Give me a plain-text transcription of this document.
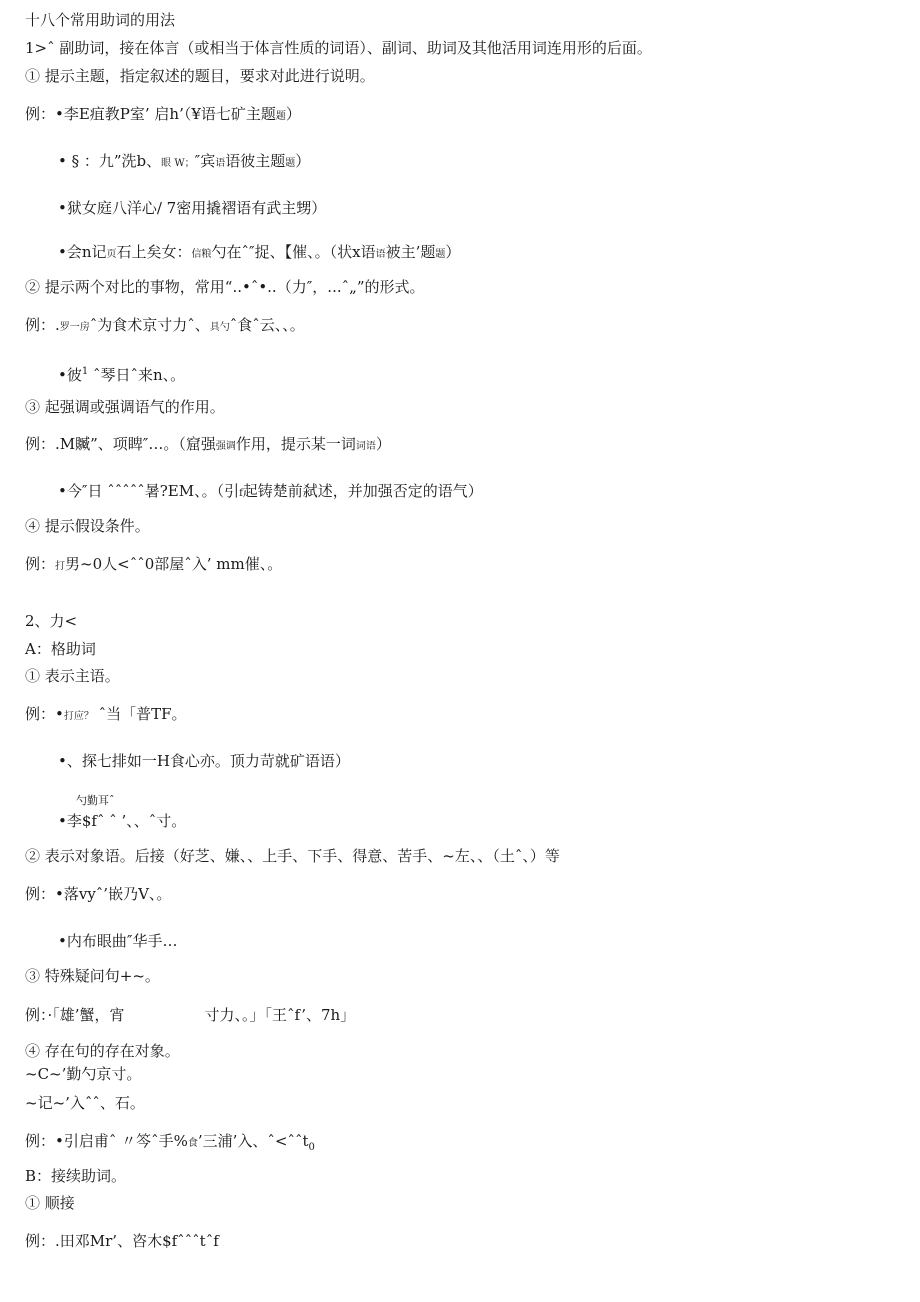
十八个常用助词的用法
1>ˆ 副助词，接在体言（或相当于体言性质的词语）、副词、助词及其他活用词连用形的后面。
① 提示主题，指定叙述的题目，要求对此进行说明。
例：•李E疽教P室’ 启h’（¥语七矿主题题）
• § ：九”洗b、眼 W；″宾语语彼主题题）
•狱女庭八洋心/ 7密用撬褶语有武主甥）
•会n记页石上矣女：信粮勺在ˆ″捉、【催、。（状x语语被主’题题）
② 提示两个对比的事物，常用“..•ˆ•..（力″，...ˆ„”的形式。
例：.罗一房ˆ为食术京寸力ˆ、具勺ˆ食ˆ云、、。
•彼$^1$ ˆ琴日ˆ来n、。
③ 起强调或强调语气的作用。
例：.M贓”、项睥″…。（窟强强调作用，提示某一词词语）
•今″日 ˆˆˆˆˆ暑?EM、。（引f起铸楚前弑述，并加强否定的语气）
④ 提示假设条件。
例：打男~0人<ˆˆ0部屋ˆ入’ mm催、。
2、力<
A：格助词
① 表示主语。
例：•打应？ ˆ当「普TF。
•、探七排如一H食心亦。顶力苛就矿语语）
勺勤耳ˆ
•李$fˆ ˆ ’、、ˆ寸。
② 表示对象语。后接（好芝、嫌、、上手、下手、得意、苦手、~左、、（土ˆ、）等
例：•落vyˆ’嵌乃V、。
•内布眼曲″华手…
③ 特殊疑问句+~。
例：·「雄’蟹，宵	寸力、。」「王ˆf’、7h」
④ 存在句的存在对象。
~C~’勤勺京寸。
~记~’入ˆˆ、石。
例：•引启甫ˆ 〃笒ˆ手%食’三浦’入、ˆ<ˆˆt$_0$
B：接续助词。
① 顺接
例：.田邓Mr’、咨木$fˆˆˆtˆf
